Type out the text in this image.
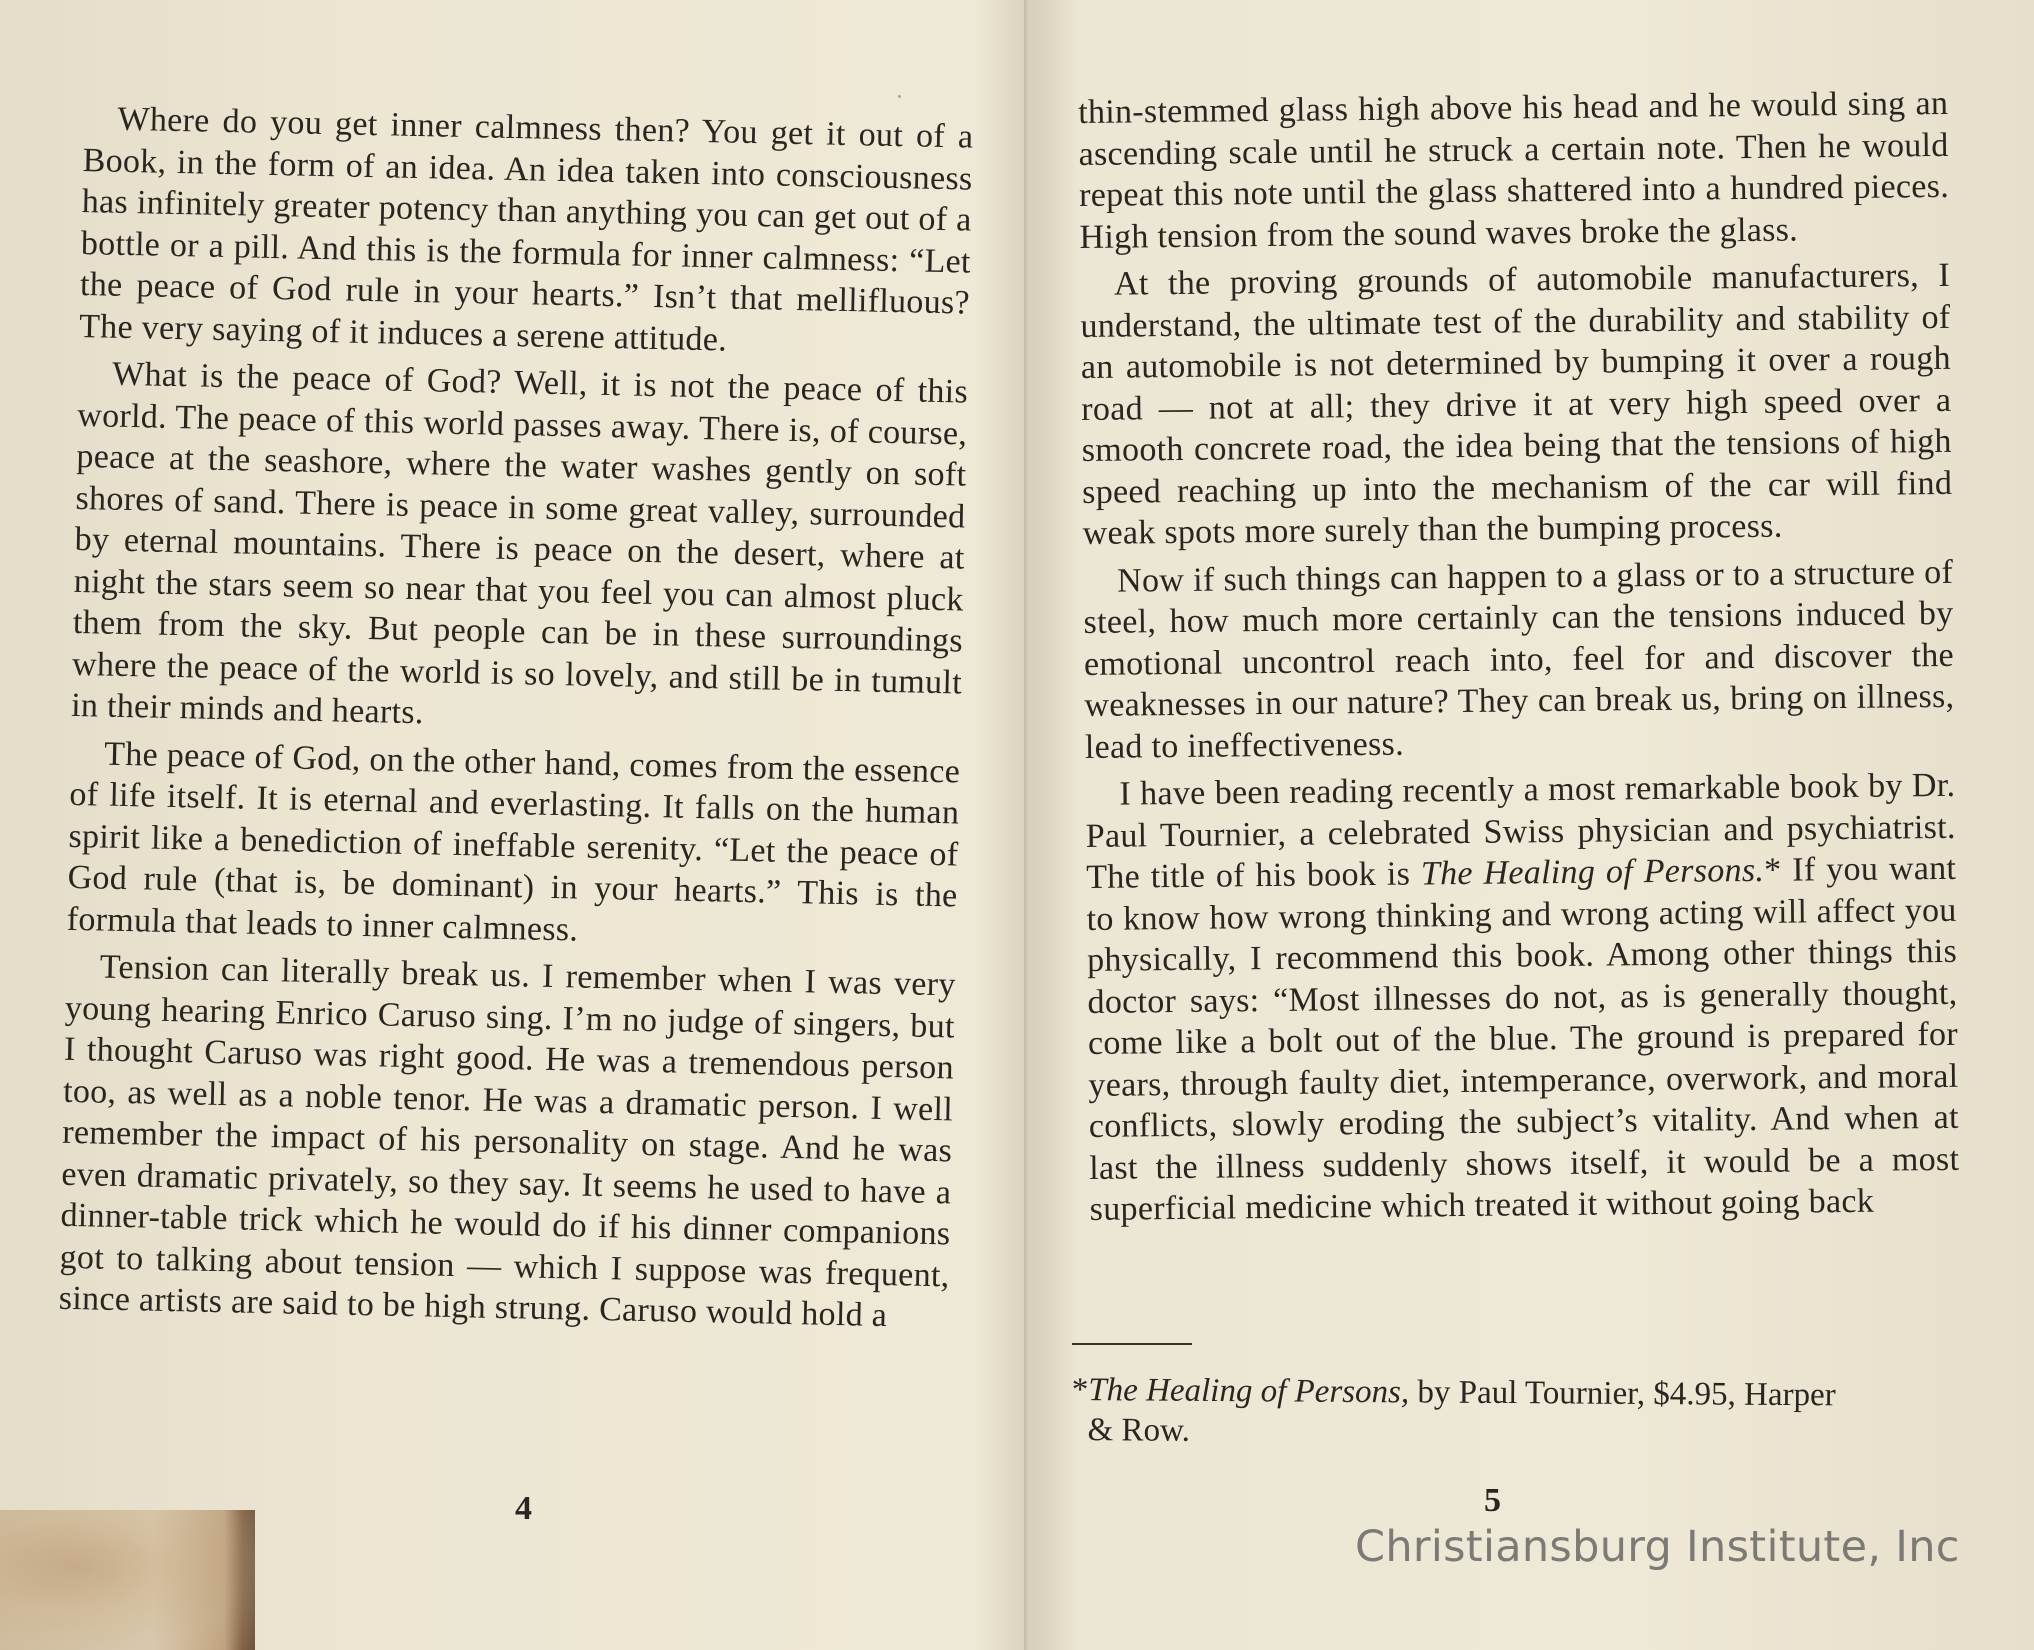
Where do you get inner calmness then? You get it out of a Book, in the form of an idea. An idea taken into consciousness has infinitely greater potency than anything you can get out of a bottle or a pill. And this is the formula for inner calmness: “Let the peace of God rule in your hearts.” Isn’t that mellifluous? The very saying of it induces a serene attitude.

What is the peace of God? Well, it is not the peace of this world. The peace of this world passes away. There is, of course, peace at the seashore, where the water washes gently on soft shores of sand. There is peace in some great valley, surrounded by eternal mountains. There is peace on the desert, where at night the stars seem so near that you feel you can almost pluck them from the sky. But people can be in these surroundings where the peace of the world is so lovely, and still be in tumult in their minds and hearts.

The peace of God, on the other hand, comes from the essence of life itself. It is eternal and everlasting. It falls on the human spirit like a benediction of ineffable serenity. “Let the peace of God rule (that is, be dominant) in your hearts.” This is the formula that leads to inner calmness.

Tension can literally break us. I remember when I was very young hearing Enrico Caruso sing. I’m no judge of singers, but I thought Caruso was right good. He was a tremendous person too, as well as a noble tenor. He was a dramatic person. I well remember the impact of his personality on stage. And he was even dramatic privately, so they say. It seems he used to have a dinner-table trick which he would do if his dinner companions got to talking about tension — which I suppose was frequent, since artists are said to be high strung. Caruso would hold a

4

thin-stemmed glass high above his head and he would sing an ascending scale until he struck a certain note. Then he would repeat this note until the glass shattered into a hundred pieces. High tension from the sound waves broke the glass.

At the proving grounds of automobile manufacturers, I understand, the ultimate test of the durability and stability of an automobile is not determined by bumping it over a rough road — not at all; they drive it at very high speed over a smooth concrete road, the idea being that the tensions of high speed reaching up into the mechanism of the car will find weak spots more surely than the bumping process.

Now if such things can happen to a glass or to a structure of steel, how much more certainly can the tensions induced by emotional uncontrol reach into, feel for and discover the weaknesses in our nature? They can break us, bring on illness, lead to ineffectiveness.

I have been reading recently a most remarkable book by Dr. Paul Tournier, a celebrated Swiss physician and psychiatrist. The title of his book is The Healing of Persons.* If you want to know how wrong thinking and wrong acting will affect you physically, I recommend this book. Among other things this doctor says: “Most illnesses do not, as is generally thought, come like a bolt out of the blue. The ground is prepared for years, through faulty diet, intemperance, overwork, and moral conflicts, slowly eroding the subject’s vitality. And when at last the illness suddenly shows itself, it would be a most superficial medicine which treated it without going back

5
*The Healing of Persons, by Paul Tournier, $4.95, Harper
& Row.
Christiansburg Institute, Inc
